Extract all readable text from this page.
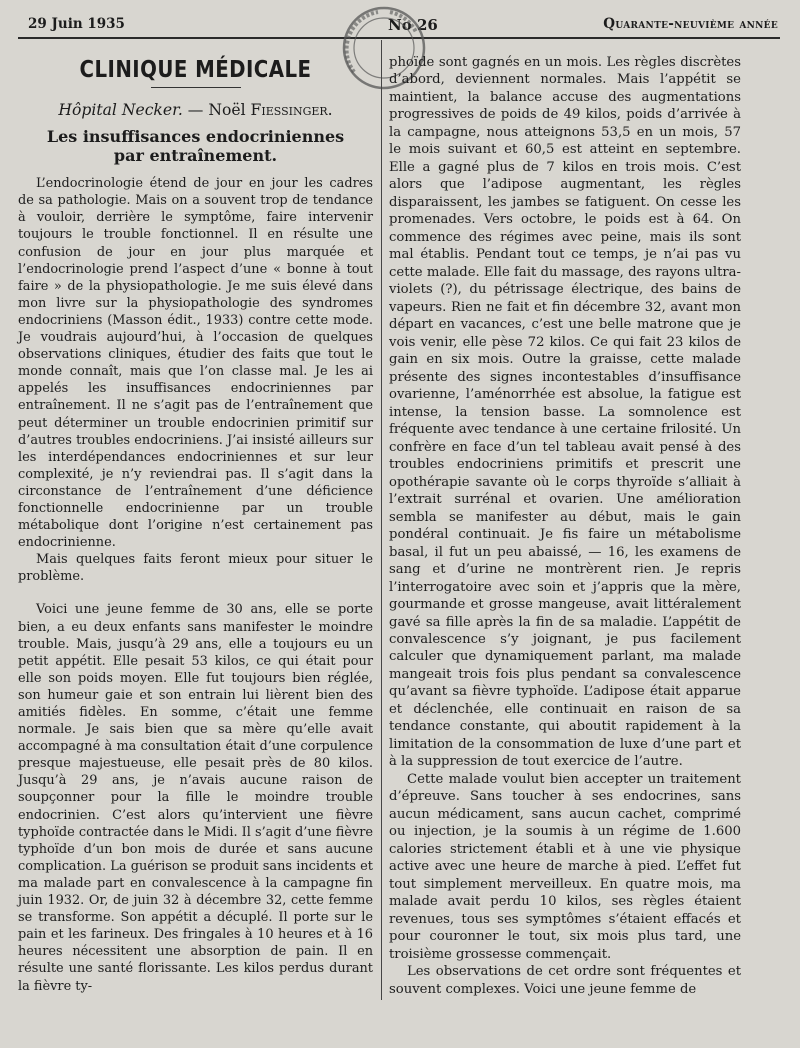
29 Juin 1935	No 26	Quarante-neuvième année
CLINIQUE MÉDICALE
Hôpital Necker. — Noël Fiessinger.
Les insuffisances endocriniennes
par entraînement.

L’endocrinologie étend de jour en jour les cadres de sa pathologie. Mais on a souvent trop de tendance à vouloir, derrière le symptôme, faire intervenir toujours le trouble fonctionnel. Il en résulte une confusion de jour en jour plus marquée et l’endocrinologie prend l’aspect d’une « bonne à tout faire » de la physiopathologie. Je me suis élevé dans mon livre sur la physiopathologie des syndromes endocriniens (Masson édit., 1933) contre cette mode. Je voudrais aujourd’hui, à l’occasion de quelques observations cliniques, étudier des faits que tout le monde connaît, mais que l’on classe mal. Je les ai appelés les insuffisances endocriniennes par entraînement. Il ne s’agit pas de l’entraînement que peut déterminer un trouble endocrinien primitif sur d’autres troubles endocriniens. J’ai insisté ailleurs sur les interdépendances endocriniennes et sur leur complexité, je n’y reviendrai pas. Il s’agit dans la circonstance de l’entraînement d’une déficience fonctionnelle endocrinienne par un trouble métabolique dont l’origine n’est certainement pas endocrinienne.

Mais quelques faits feront mieux pour situer le problème.

Voici une jeune femme de 30 ans, elle se porte bien, a eu deux enfants sans manifester le moindre trouble. Mais, jusqu’à 29 ans, elle a toujours eu un petit appétit. Elle pesait 53 kilos, ce qui était pour elle son poids moyen. Elle fut toujours bien réglée, son humeur gaie et son entrain lui lièrent bien des amitiés fidèles. En somme, c’était une femme normale. Je sais bien que sa mère qu’elle avait accompagné à ma consultation était d’une corpulence presque majestueuse, elle pesait près de 80 kilos. Jusqu’à 29 ans, je n’avais aucune raison de soupçonner pour la fille le moindre trouble endocrinien. C’est alors qu’intervient une fièvre typhoïde contractée dans le Midi. Il s’agit d’une fièvre typhoïde d’un bon mois de durée et sans aucune complication. La guérison se produit sans incidents et ma malade part en convalescence à la campagne fin juin 1932. Or, de juin 32 à décembre 32, cette femme se transforme. Son appétit a décuplé. Il porte sur le pain et les farineux. Des fringales à 10 heures et à 16 heures nécessitent une absorption de pain. Il en résulte une santé florissante. Les kilos perdus durant la fièvre ty-

phoïde sont gagnés en un mois. Les règles discrètes d’abord, deviennent normales. Mais l’appétit se maintient, la balance accuse des augmentations progressives de poids de 49 kilos, poids d’arrivée à la campagne, nous atteignons 53,5 en un mois, 57 le mois suivant et 60,5 est atteint en septembre. Elle a gagné plus de 7 kilos en trois mois. C’est alors que l’adipose augmentant, les règles disparaissent, les jambes se fatiguent. On cesse les promenades. Vers octobre, le poids est à 64. On commence des régimes avec peine, mais ils sont mal établis. Pendant tout ce temps, je n’ai pas vu cette malade. Elle fait du massage, des rayons ultra-violets (?), du pétrissage électrique, des bains de vapeurs. Rien ne fait et fin décembre 32, avant mon départ en vacances, c’est une belle matrone que je vois venir, elle pèse 72 kilos. Ce qui fait 23 kilos de gain en six mois. Outre la graisse, cette malade présente des signes incontestables d’insuffisance ovarienne, l’aménorrhée est absolue, la fatigue est intense, la tension basse. La somnolence est fréquente avec tendance à une certaine frilosité. Un confrère en face d’un tel tableau avait pensé à des troubles endocriniens primitifs et prescrit une opothérapie savante où le corps thyroïde s’alliait à l’extrait surrénal et ovarien. Une amélioration sembla se manifester au début, mais le gain pondéral continuait. Je fis faire un métabolisme basal, il fut un peu abaissé, — 16, les examens de sang et d’urine ne montrèrent rien. Je repris l’interrogatoire avec soin et j’appris que la mère, gourmande et grosse mangeuse, avait littéralement gavé sa fille après la fin de sa maladie. L’appétit de convalescence s’y joignant, je pus facilement calculer que dynamiquement parlant, ma malade mangeait trois fois plus pendant sa convalescence qu’avant sa fièvre typhoïde. L’adipose était apparue et déclenchée, elle continuait en raison de sa tendance constante, qui aboutit rapidement à la limitation de la consommation de luxe d’une part et à la suppression de tout exercice de l’autre.

Cette malade voulut bien accepter un traitement d’épreuve. Sans toucher à ses endocrines, sans aucun médicament, sans aucun cachet, comprimé ou injection, je la soumis à un régime de 1.600 calories strictement établi et à une vie physique active avec une heure de marche à pied. L’effet fut tout simplement merveilleux. En quatre mois, ma malade avait perdu 10 kilos, ses règles étaient revenues, tous ses symptômes s’étaient effacés et pour couronner le tout, six mois plus tard, une troisième grossesse commençait.

Les observations de cet ordre sont fréquentes et souvent complexes. Voici une jeune femme de
